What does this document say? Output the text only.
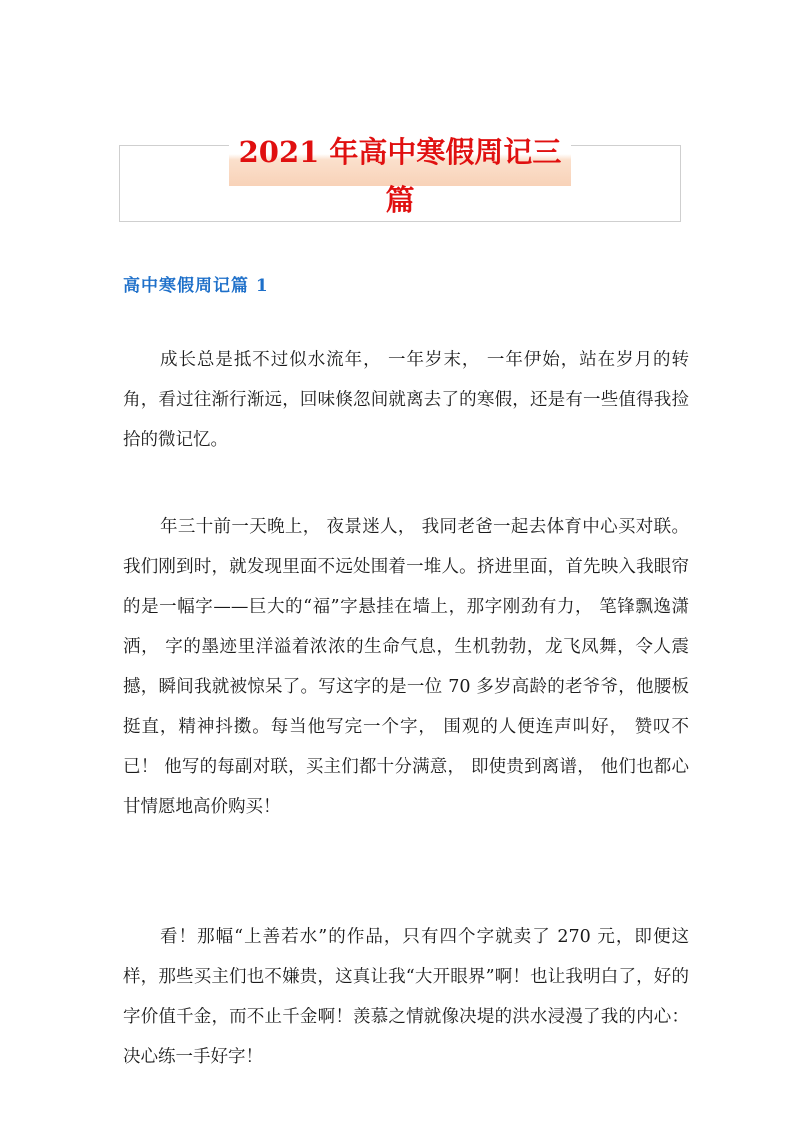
2021 年高中寒假周记三篇
高中寒假周记篇 1

成长总是抵不过似水流年， 一年岁末， 一年伊始，站在岁月的转角，看过往渐行渐远，回味倏忽间就离去了的寒假，还是有一些值得我捡拾的微记忆。

年三十前一天晚上， 夜景迷人， 我同老爸一起去体育中心买对联。我们刚到时，就发现里面不远处围着一堆人。挤进里面，首先映入我眼帘的是一幅字——巨大的“福”字悬挂在墙上，那字刚劲有力， 笔锋飘逸潇洒， 字的墨迹里洋溢着浓浓的生命气息，生机勃勃，龙飞凤舞，令人震撼，瞬间我就被惊呆了。写这字的是一位 70 多岁高龄的老爷爷，他腰板挺直，精神抖擞。每当他写完一个字， 围观的人便连声叫好， 赞叹不已！ 他写的每副对联，买主们都十分满意， 即使贵到离谱， 他们也都心甘情愿地高价购买！

看！那幅“上善若水”的作品，只有四个字就卖了 270 元，即便这样，那些买主们也不嫌贵，这真让我“大开眼界”啊！也让我明白了，好的字价值千金，而不止千金啊！羡慕之情就像决堤的洪水浸漫了我的内心：决心练一手好字！
